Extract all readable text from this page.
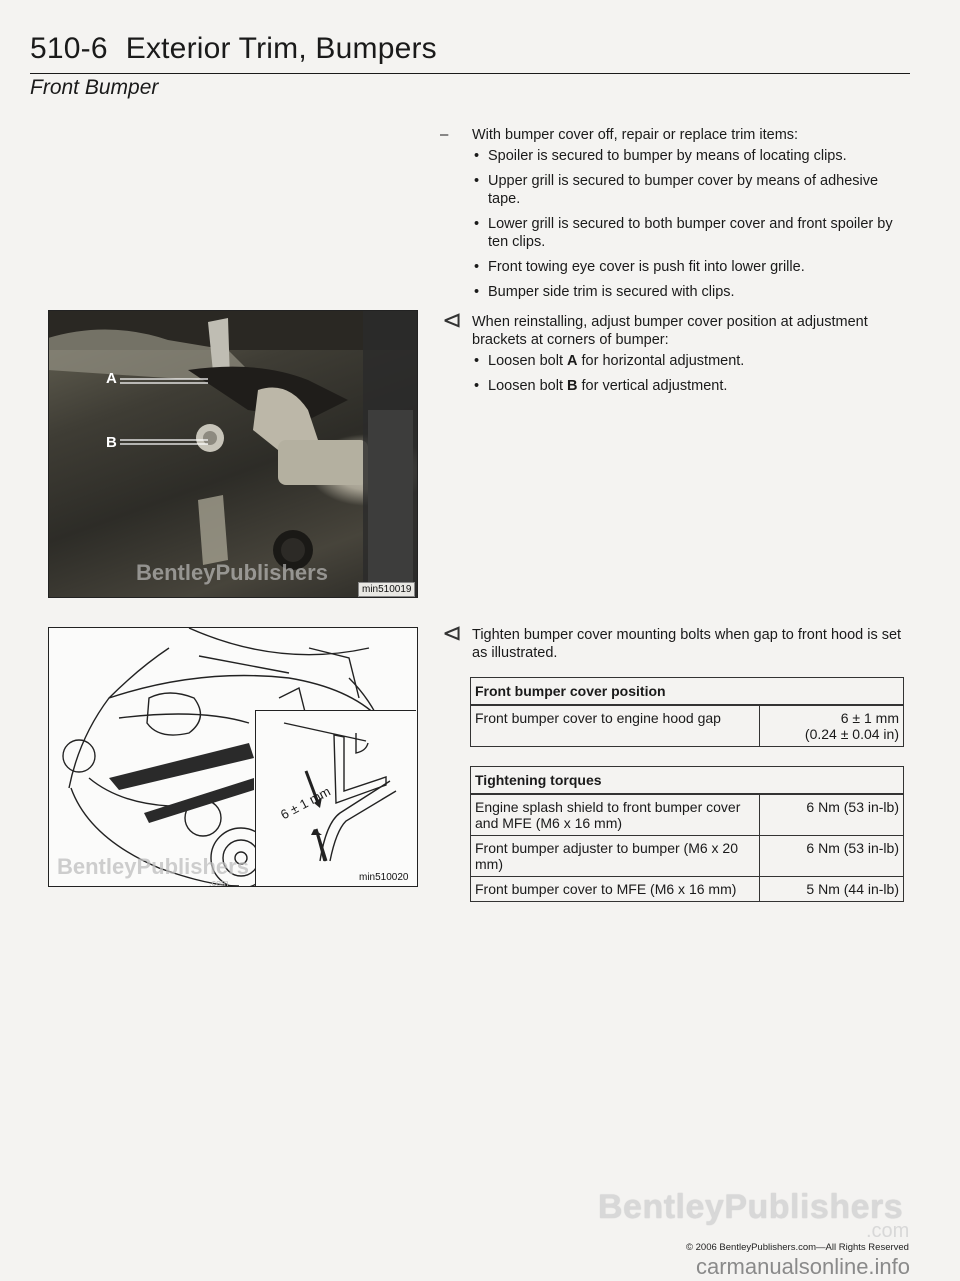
510-6 Exterior Trim, Bumpers
Front Bumper
– With bumper cover off, repair or replace trim items:
• Spoiler is secured to bumper by means of locating clips.
• Upper grill is secured to bumper cover by means of adhesive tape.
• Lower grill is secured to both bumper cover and front spoiler by ten clips.
• Front towing eye cover is push fit into lower grille.
• Bumper side trim is secured with clips.
⊲ When reinstalling, adjust bumper cover position at adjustment brackets at corners of bumper:
• Loosen bolt A for horizontal adjustment.
• Loosen bolt B for vertical adjustment.
A
B
BentleyPublishers
min510019
⊲ Tighten bumper cover mounting bolts when gap to front hood is set as illustrated.
6 ± 1 mm
BentleyPublishers
.com	min510020
Front bumper cover position
Front bumper cover to engine hood gap	6 ± 1 mm
(0.24 ± 0.04 in)
Tightening torques	
Engine splash shield to front bumper cover and MFE (M6 x 16 mm)	6 Nm (53 in-lb)
Front bumper adjuster to bumper (M6 x 20 mm)	6 Nm (53 in-lb)
Front bumper cover to MFE (M6 x 16 mm)	5 Nm (44 in-lb)
BentleyPublishers
.com
© 2006 BentleyPublishers.com—All Rights Reserved
carmanualsonline.info
